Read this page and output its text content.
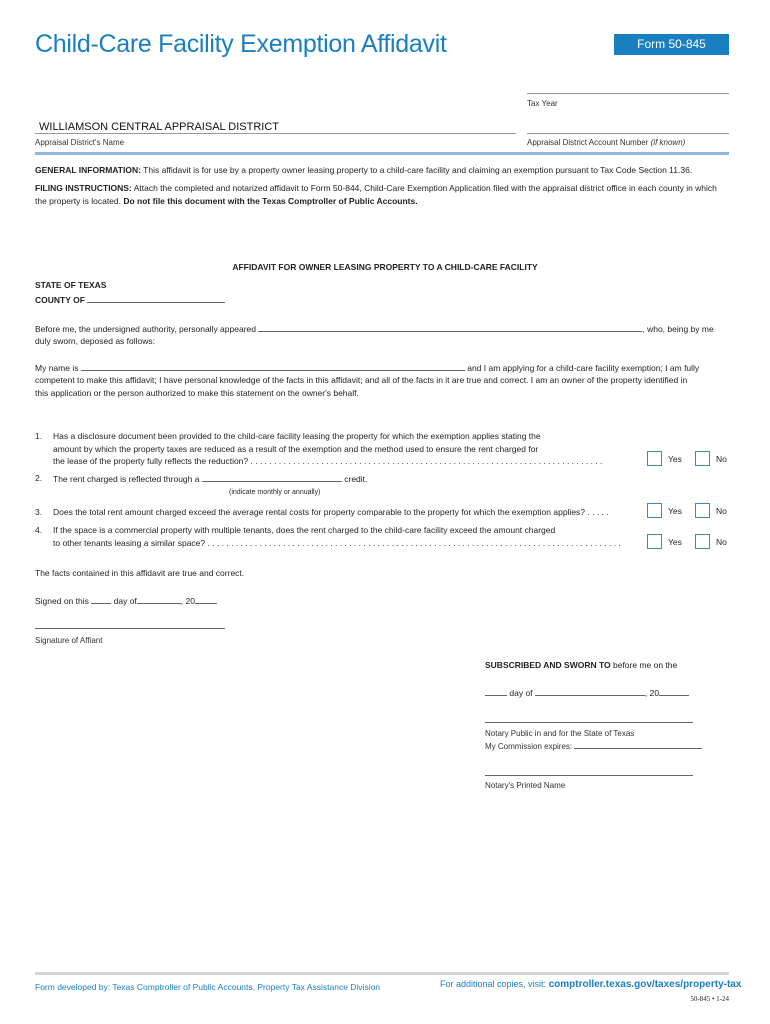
Child-Care Facility Exemption Affidavit	Form 50-845
Tax Year
WILLIAMSON CENTRAL APPRAISAL DISTRICT
Appraisal District's Name	Appraisal District Account Number (if known)
GENERAL INFORMATION: This affidavit is for use by a property owner leasing property to a child-care facility and claiming an exemption pursuant to Tax Code Section 11.36.
FILING INSTRUCTIONS: Attach the completed and notarized affidavit to Form 50-844, Child-Care Exemption Application filed with the appraisal district office in each county in which the property is located. Do not file this document with the Texas Comptroller of Public Accounts.
AFFIDAVIT FOR OWNER LEASING PROPERTY TO A CHILD-CARE FACILITY
STATE OF TEXAS
COUNTY OF
Before me, the undersigned authority, personally appeared	, who, being by me
duly sworn, deposed as follows:
My name is	and I am applying for a child-care facility exemption; I am fully
competent to make this affidavit; I have personal knowledge of the facts in this affidavit; and all of the facts in it are true and correct. I am an owner of the property identified in
this application or the person authorized to make this statement on the owner's behalf.
1.	Has a disclosure document been provided to the child-care facility leasing the property for which the exemption applies stating the
amount by which the property taxes are reduced as a result of the exemption and the method used to ensure the rent charged for
the lease of the property fully reflects the reduction? . . . . . . . . . . . . . . . . . . . . . . . . . . . . . . . . . . . . . . . . . . . . . . . . . . . . . . . . . . . . . . . . . . . . . . . . . . .	Yes	No
2.	The rent charged is reflected through a	credit.
(indicate monthly or annually)
3.	Does the total rent amount charged exceed the average rental costs for property comparable to the property for which the exemption applies? . . . . .	Yes	No
4.	If the space is a commercial property with multiple tenants, does the rent charged to the child-care facility exceed the amount charged
to other tenants leasing a similar space? . . . . . . . . . . . . . . . . . . . . . . . . . . . . . . . . . . . . . . . . . . . . . . . . . . . . . . . . . . . . . . . . . . . . . . . . . . . . . . . . . . . . . . . .	Yes	No
The facts contained in this affidavit are true and correct.
Signed on this	day of	, 20
Signature of Affiant
SUBSCRIBED AND SWORN TO before me on the
day of	, 20
Notary Public in and for the State of Texas
My Commission expires:
Notary's Printed Name
Form developed by: Texas Comptroller of Public Accounts, Property Tax Assistance Division	For additional copies, visit: comptroller.texas.gov/taxes/property-tax
50-845 • 1-24
